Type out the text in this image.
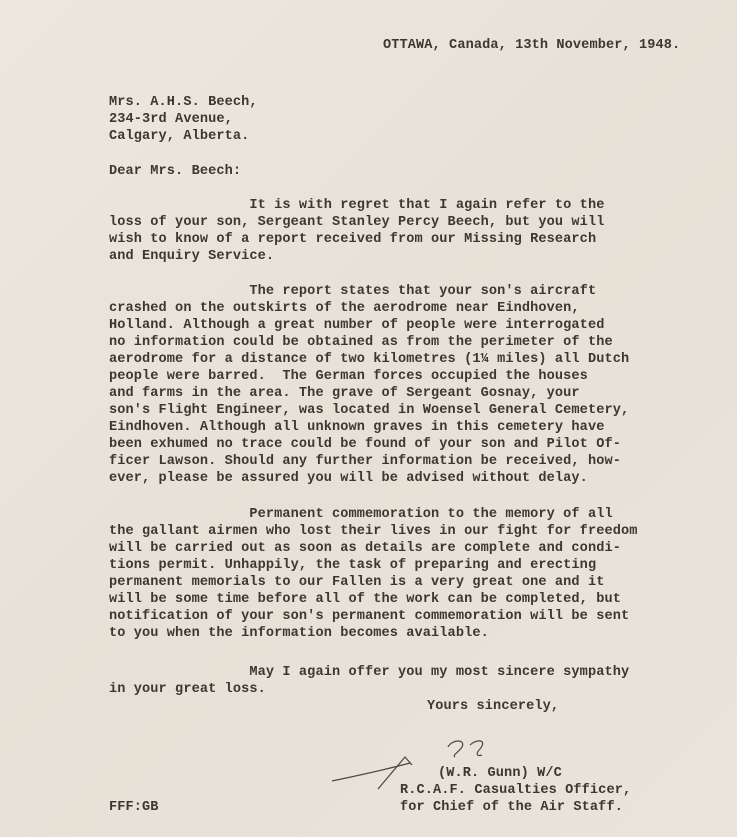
OTTAWA, Canada, 13th November, 1948.
Mrs. A.H.S. Beech,
234-3rd Avenue,
Calgary, Alberta.
Dear Mrs. Beech:
It is with regret that I again refer to the
loss of your son, Sergeant Stanley Percy Beech, but you will
wish to know of a report received from our Missing Research
and Enquiry Service.
The report states that your son's aircraft
crashed on the outskirts of the aerodrome near Eindhoven,
Holland. Although a great number of people were interrogated
no information could be obtained as from the perimeter of the
aerodrome for a distance of two kilometres (1¼ miles) all Dutch
people were barred.  The German forces occupied the houses
and farms in the area. The grave of Sergeant Gosnay, your
son's Flight Engineer, was located in Woensel General Cemetery,
Eindhoven. Although all unknown graves in this cemetery have
been exhumed no trace could be found of your son and Pilot Of-
ficer Lawson. Should any further information be received, how-
ever, please be assured you will be advised without delay.
Permanent commemoration to the memory of all
the gallant airmen who lost their lives in our fight for freedom
will be carried out as soon as details are complete and condi-
tions permit. Unhappily, the task of preparing and erecting
permanent memorials to our Fallen is a very great one and it
will be some time before all of the work can be completed, but
notification of your son's permanent commemoration will be sent
to you when the information becomes available.
May I again offer you my most sincere sympathy
in your great loss.
Yours sincerely,
(W.R. Gunn) W/C
R.C.A.F. Casualties Officer,
for Chief of the Air Staff.
FFF:GB
